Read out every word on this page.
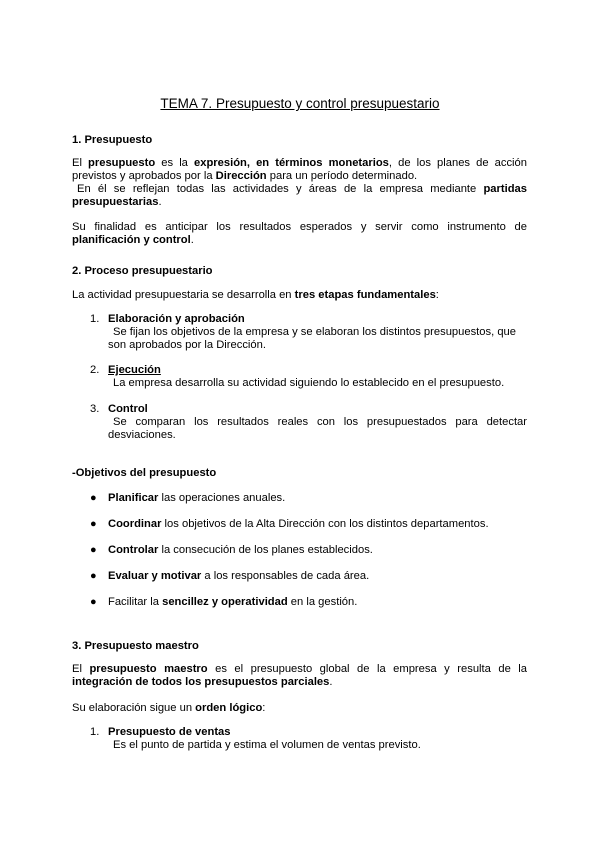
TEMA 7. Presupuesto y control presupuestario
1. Presupuesto
El presupuesto es la expresión, en términos monetarios, de los planes de acción previstos y aprobados por la Dirección para un período determinado.
En él se reflejan todas las actividades y áreas de la empresa mediante partidas presupuestarias.
Su finalidad es anticipar los resultados esperados y servir como instrumento de planificación y control.
2. Proceso presupuestario
La actividad presupuestaria se desarrolla en tres etapas fundamentales:
1. Elaboración y aprobación
Se fijan los objetivos de la empresa y se elaboran los distintos presupuestos, que son aprobados por la Dirección.
2. Ejecución
La empresa desarrolla su actividad siguiendo lo establecido en el presupuesto.
3. Control
Se comparan los resultados reales con los presupuestados para detectar desviaciones.
-Objetivos del presupuesto
● Planificar las operaciones anuales.
● Coordinar los objetivos de la Alta Dirección con los distintos departamentos.
● Controlar la consecución de los planes establecidos.
● Evaluar y motivar a los responsables de cada área.
● Facilitar la sencillez y operatividad en la gestión.
3. Presupuesto maestro
El presupuesto maestro es el presupuesto global de la empresa y resulta de la integración de todos los presupuestos parciales.
Su elaboración sigue un orden lógico:
1. Presupuesto de ventas
Es el punto de partida y estima el volumen de ventas previsto.
